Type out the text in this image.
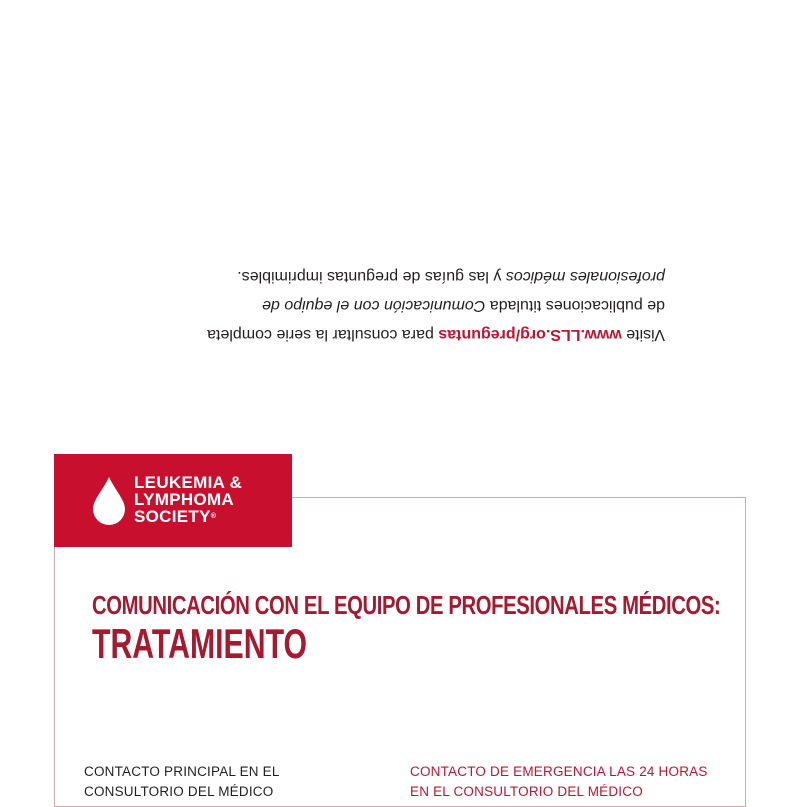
Visite www.LLS.org/preguntas para consultar la serie completa

de publicaciones titulada Comunicación con el equipo de

profesionales médicos y las guías de preguntas imprimibles.

LEUKEMIA &
LYMPHOMA
SOCIETY®
COMUNICACIÓN CON EL EQUIPO DE PROFESIONALES MÉDICOS:
TRATAMIENTO

CONTACTO PRINCIPAL EN EL

CONSULTORIO DEL MÉDICO

CONTACTO DE EMERGENCIA LAS 24 HORAS

EN EL CONSULTORIO DEL MÉDICO
